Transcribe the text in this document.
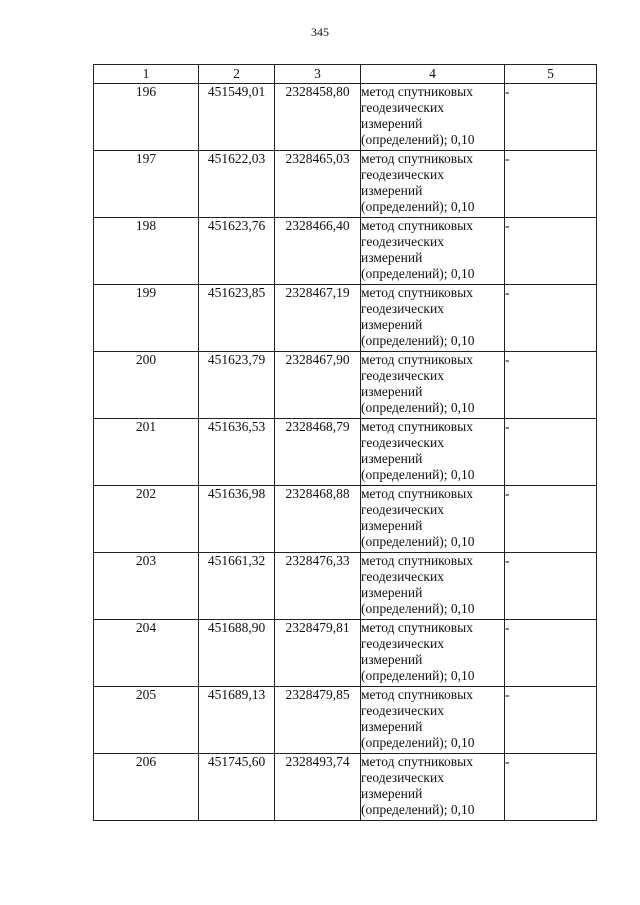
345
1	2	3	4	5
196	451549,01	2328458,80	метод спутниковых
геодезических
измерений
(определений); 0,10	-
197	451622,03	2328465,03	метод спутниковых
геодезических
измерений
(определений); 0,10	-
198	451623,76	2328466,40	метод спутниковых
геодезических
измерений
(определений); 0,10	-
199	451623,85	2328467,19	метод спутниковых
геодезических
измерений
(определений); 0,10	-
200	451623,79	2328467,90	метод спутниковых
геодезических
измерений
(определений); 0,10	-
201	451636,53	2328468,79	метод спутниковых
геодезических
измерений
(определений); 0,10	-
202	451636,98	2328468,88	метод спутниковых
геодезических
измерений
(определений); 0,10	-
203	451661,32	2328476,33	метод спутниковых
геодезических
измерений
(определений); 0,10	-
204	451688,90	2328479,81	метод спутниковых
геодезических
измерений
(определений); 0,10	-
205	451689,13	2328479,85	метод спутниковых
геодезических
измерений
(определений); 0,10	-
206	451745,60	2328493,74	метод спутниковых
геодезических
измерений
(определений); 0,10	-
